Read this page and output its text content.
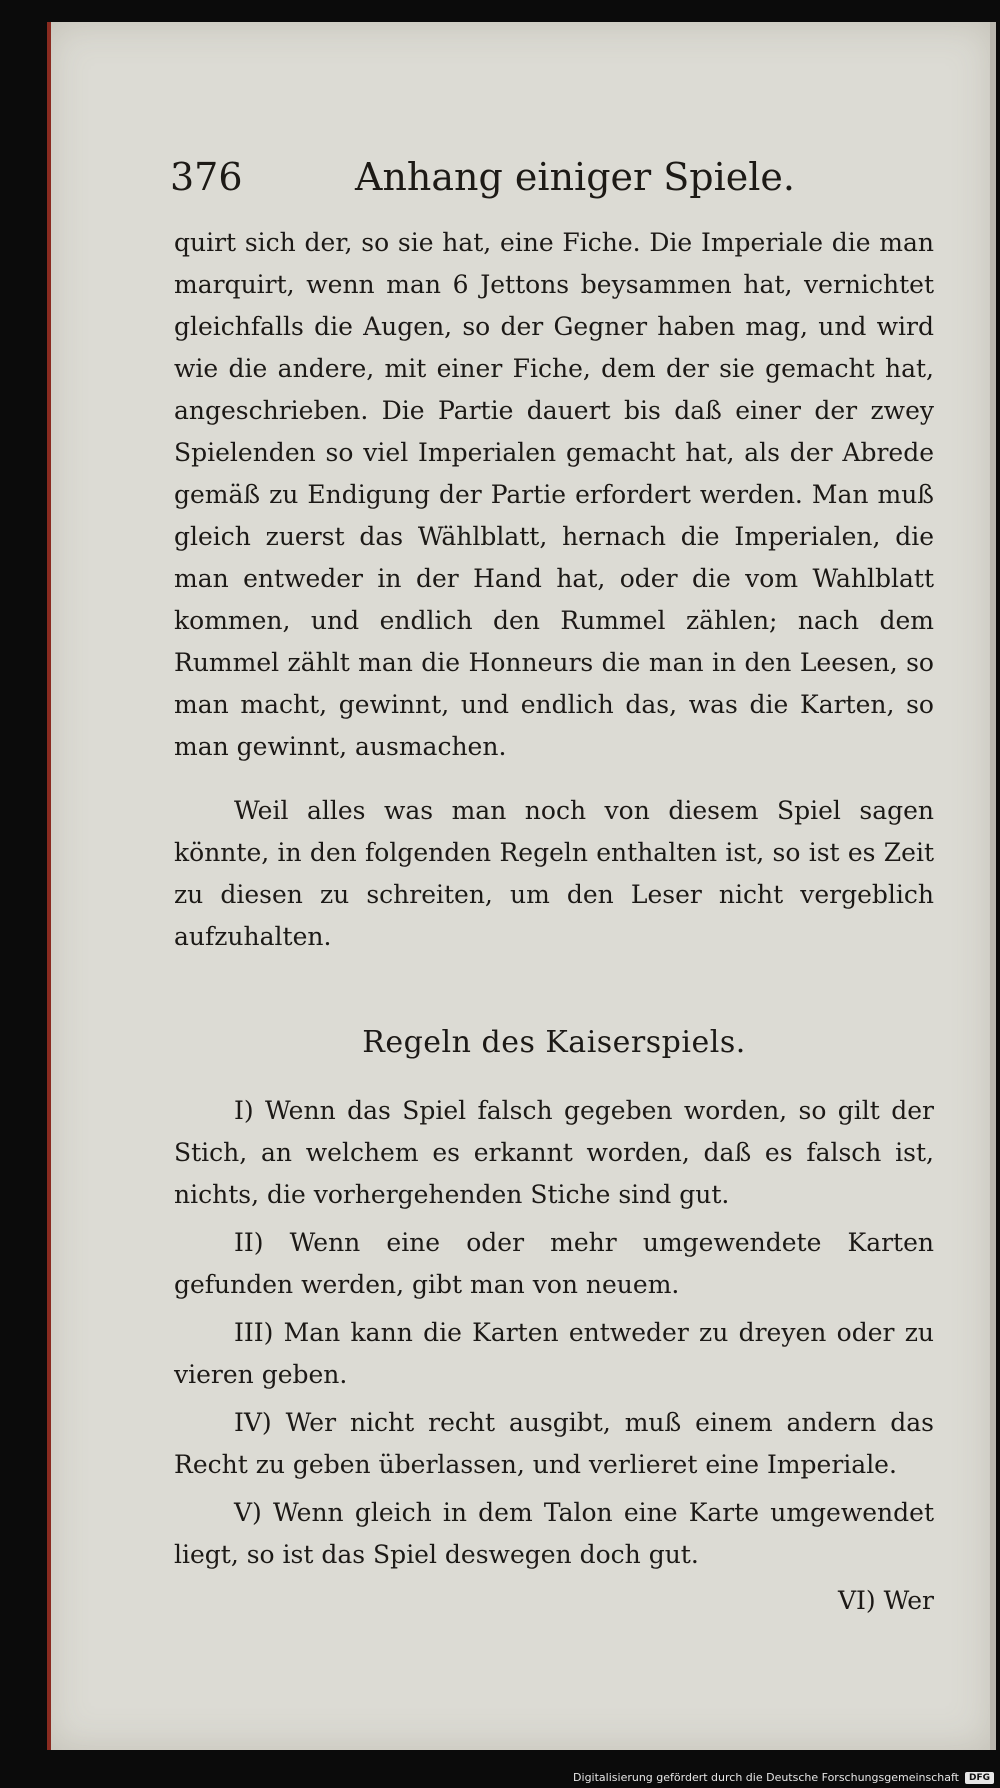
376	Anhang einiger Spiele.

quirt sich der, so sie hat, eine Fiche. Die Imperiale die man marquirt, wenn man 6 Jettons beysammen hat, vernichtet gleichfalls die Augen, so der Gegner haben mag, und wird wie die andere, mit einer Fiche, dem der sie gemacht hat, angeschrieben. Die Partie dauert bis daß einer der zwey Spielenden so viel Imperialen gemacht hat, als der Abrede gemäß zu Endigung der Partie erfordert werden. Man muß gleich zuerst das Wählblatt, hernach die Imperialen, die man entweder in der Hand hat, oder die vom Wahlblatt kommen, und endlich den Rummel zählen; nach dem Rummel zählt man die Honneurs die man in den Leesen, so man macht, gewinnt, und endlich das, was die Karten, so man gewinnt, ausmachen.

Weil alles was man noch von diesem Spiel sagen könnte, in den folgenden Regeln enthalten ist, so ist es Zeit zu diesen zu schreiten, um den Leser nicht vergeblich aufzuhalten.

Regeln des Kaiserspiels.

I) Wenn das Spiel falsch gegeben worden, so gilt der Stich, an welchem es erkannt worden, daß es falsch ist, nichts, die vorhergehenden Stiche sind gut.

II) Wenn eine oder mehr umgewendete Karten gefunden werden, gibt man von neuem.

III) Man kann die Karten entweder zu dreyen oder zu vieren geben.

IV) Wer nicht recht ausgibt, muß einem andern das Recht zu geben überlassen, und verlieret eine Imperiale.

V) Wenn gleich in dem Talon eine Karte umgewendet liegt, so ist das Spiel deswegen doch gut.

VI) Wer

Digitalisierung gefördert durch die Deutsche Forschungsgemeinschaft	DFG
